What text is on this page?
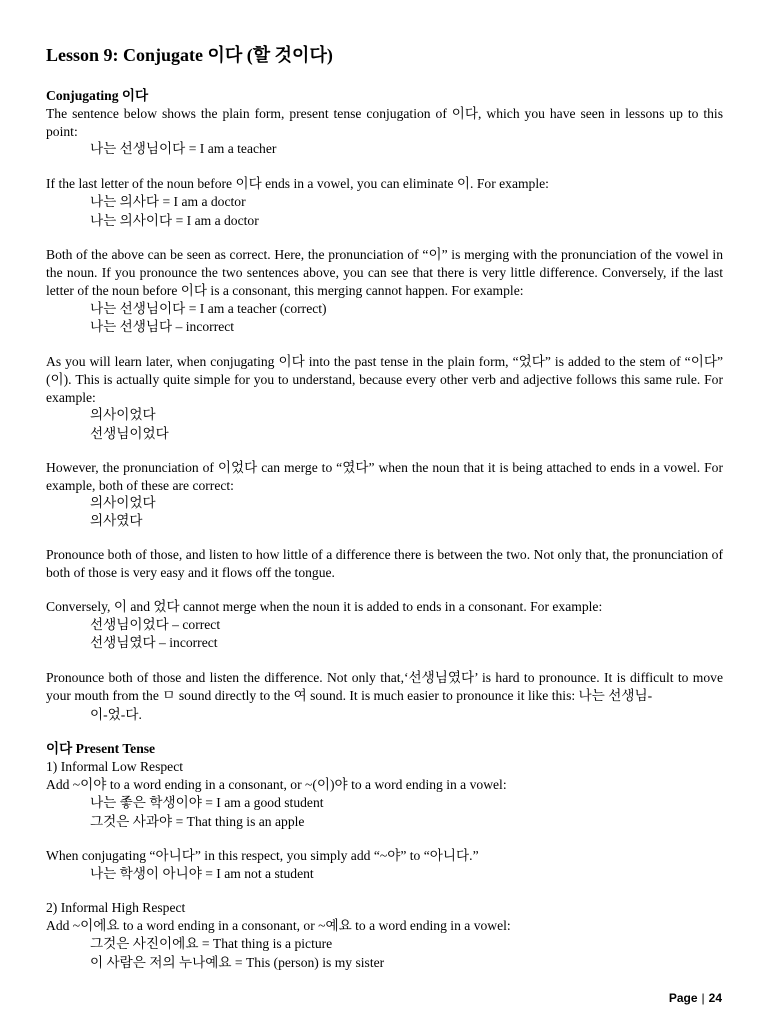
Lesson 9: Conjugate 이다 (할 것이다)
Conjugating 이다

The sentence below shows the plain form, present tense conjugation of 이다, which you have seen in lessons up to this point:

나는 선생님이다 = I am a teacher

If the last letter of the noun before 이다 ends in a vowel, you can eliminate 이. For example:

나는 의사다 = I am a doctor
나는 의사이다 = I am a doctor

Both of the above can be seen as correct. Here, the pronunciation of “이” is merging with the pronunciation of the vowel in the noun. If you pronounce the two sentences above, you can see that there is very little difference. Conversely, if the last letter of the noun before 이다 is a consonant, this merging cannot happen. For example:

나는 선생님이다 = I am a teacher (correct)
나는 선생님다 – incorrect

As you will learn later, when conjugating 이다 into the past tense in the plain form, “었다” is added to the stem of “이다” (이). This is actually quite simple for you to understand, because every other verb and adjective follows this same rule. For example:

의사이었다
선생님이었다

However, the pronunciation of 이었다 can merge to “였다” when the noun that it is being attached to ends in a vowel. For example, both of these are correct:

의사이었다
의사였다

Pronounce both of those, and listen to how little of a difference there is between the two. Not only that, the pronunciation of both of those is very easy and it flows off the tongue.

Conversely, 이 and 었다 cannot merge when the noun it is added to ends in a consonant. For example:

선생님이었다 – correct
선생님였다 – incorrect

Pronounce both of those and listen the difference. Not only that,‘선생님였다’ is hard to pronounce. It is difficult to move your mouth from the ㅁ sound directly to the 여 sound. It is much easier to pronounce it like this: 나는 선생님-

이-었-다.
이다 Present Tense
1) Informal Low Respect
Add ~이야 to a word ending in a consonant, or ~(이)야 to a word ending in a vowel:
나는 좋은 학생이야 = I am a good student
그것은 사과야 = That thing is an apple
When conjugating “아니다” in this respect, you simply add “~야” to “아니다.”
나는 학생이 아니야 = I am not a student
2) Informal High Respect
Add ~이에요 to a word ending in a consonant, or ~예요 to a word ending in a vowel:
그것은 사진이에요 = That thing is a picture
이 사람은 저의 누나예요 = This (person) is my sister
Page | 24
